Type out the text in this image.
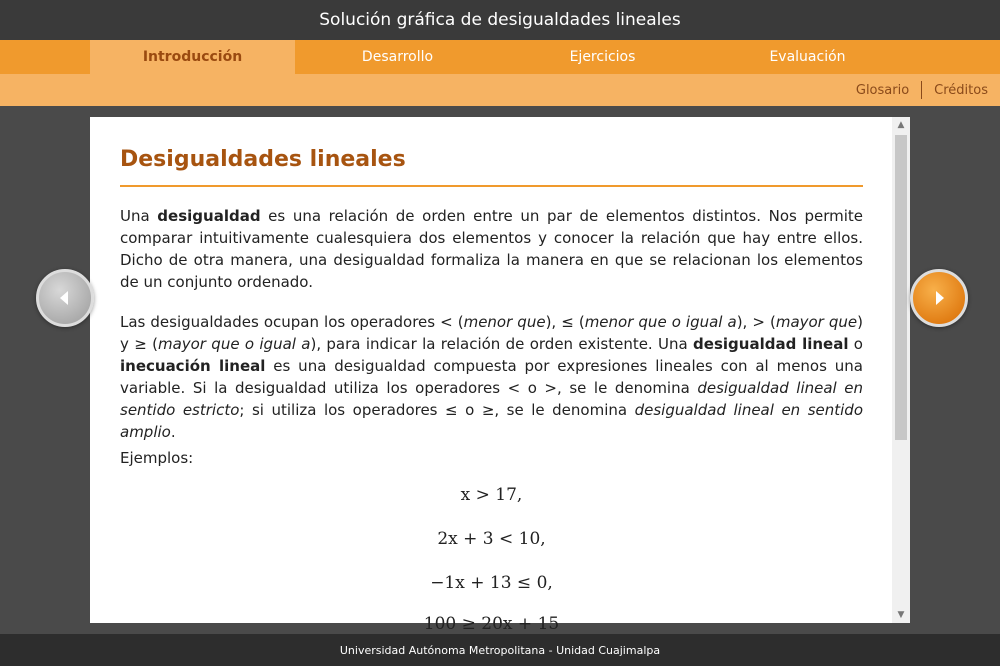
Solución gráfica de desigualdades lineales
Introducción	Desarrollo	Ejercicios	Evaluación
Glosario	Créditos
Desigualdades lineales
Una desigualdad es una relación de orden entre un par de elementos distintos. Nos permite comparar intuitivamente cualesquiera dos elementos y conocer la relación que hay entre ellos. Dicho de otra manera, una desigualdad formaliza la manera en que se relacionan los elementos de un conjunto ordenado.
Las desigualdades ocupan los operadores < (menor que), ≤ (menor que o igual a), > (mayor que) y ≥ (mayor que o igual a), para indicar la relación de orden existente. Una desigualdad lineal o inecuación lineal es una desigualdad compuesta por expresiones lineales con al menos una variable. Si la desigualdad utiliza los operadores < o >, se le denomina desigualdad lineal en sentido estricto; si utiliza los operadores ≤ o ≥, se le denomina desigualdad lineal en sentido amplio.
Ejemplos:
x > 17,
2x + 3 < 10,
−1x + 13 ≤ 0,
100 ≥ 20x + 15
▲
▼
Universidad Autónoma Metropolitana - Unidad Cuajimalpa
